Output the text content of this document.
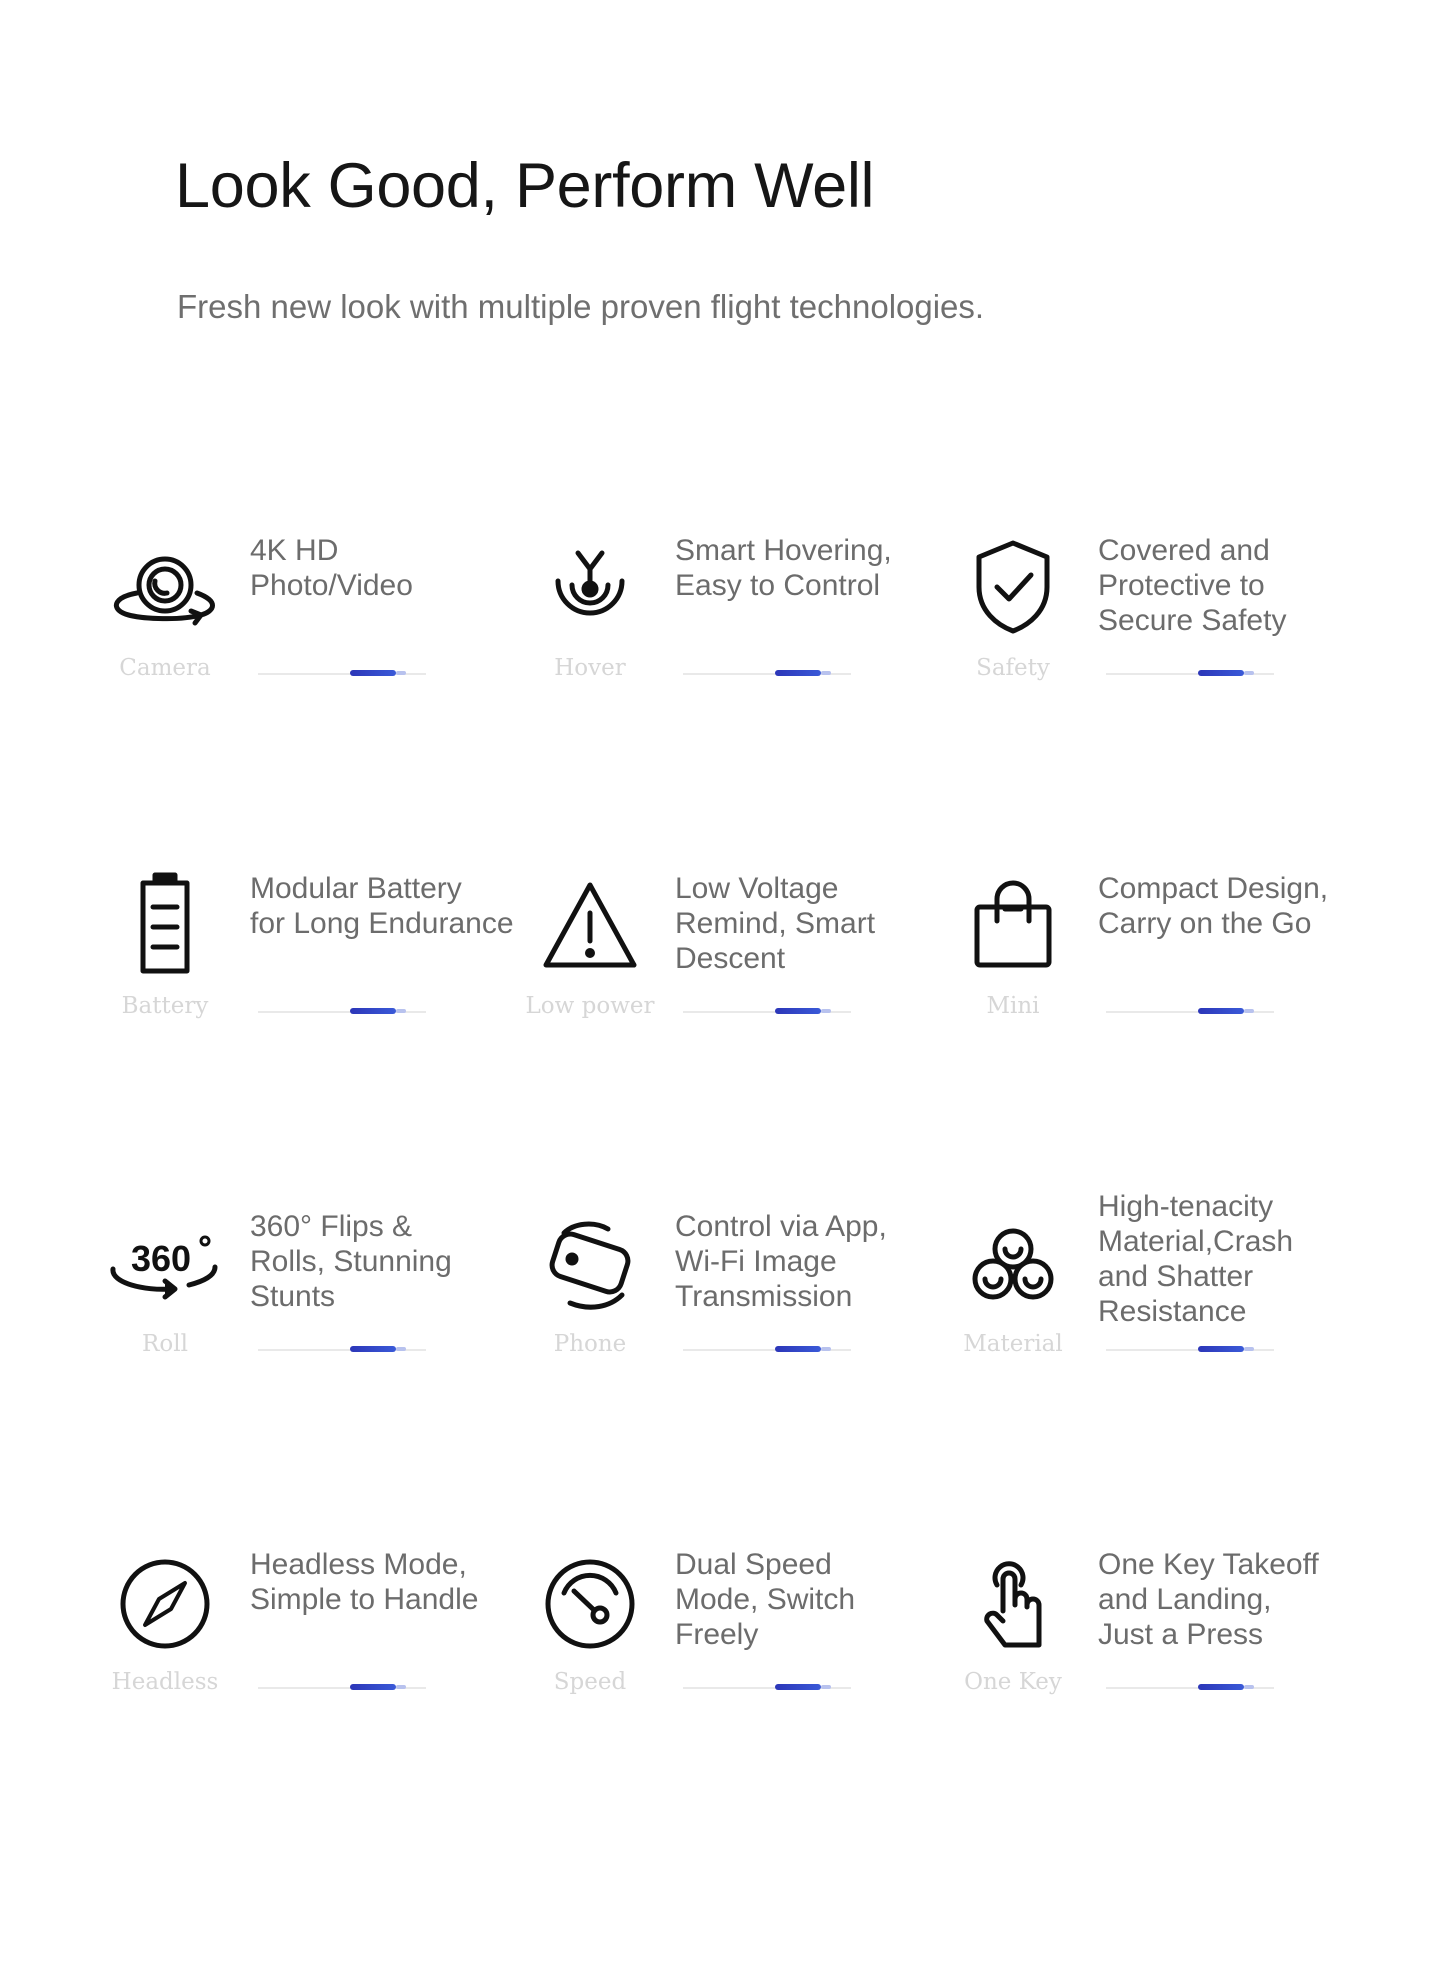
Look Good, Perform Well

Fresh new look with multiple proven flight technologies.

4K HD
Photo/Video
Camera
Smart Hovering,
Easy to Control
Hover
Covered and
Protective to
Secure Safety
Safety
Modular Battery
for Long Endurance
Battery
Low Voltage
Remind, Smart
Descent
Low power
Compact Design,
Carry on the Go
Mini
360
360° Flips &
Rolls, Stunning
Stunts
Roll
Control via App,
Wi-Fi Image
Transmission
Phone
High-tenacity
Material,Crash
and Shatter
Resistance
Material
Headless Mode,
Simple to Handle
Headless
Dual Speed
Mode, Switch
Freely
Speed
One Key Takeoff
and Landing,
Just a Press
One Key
